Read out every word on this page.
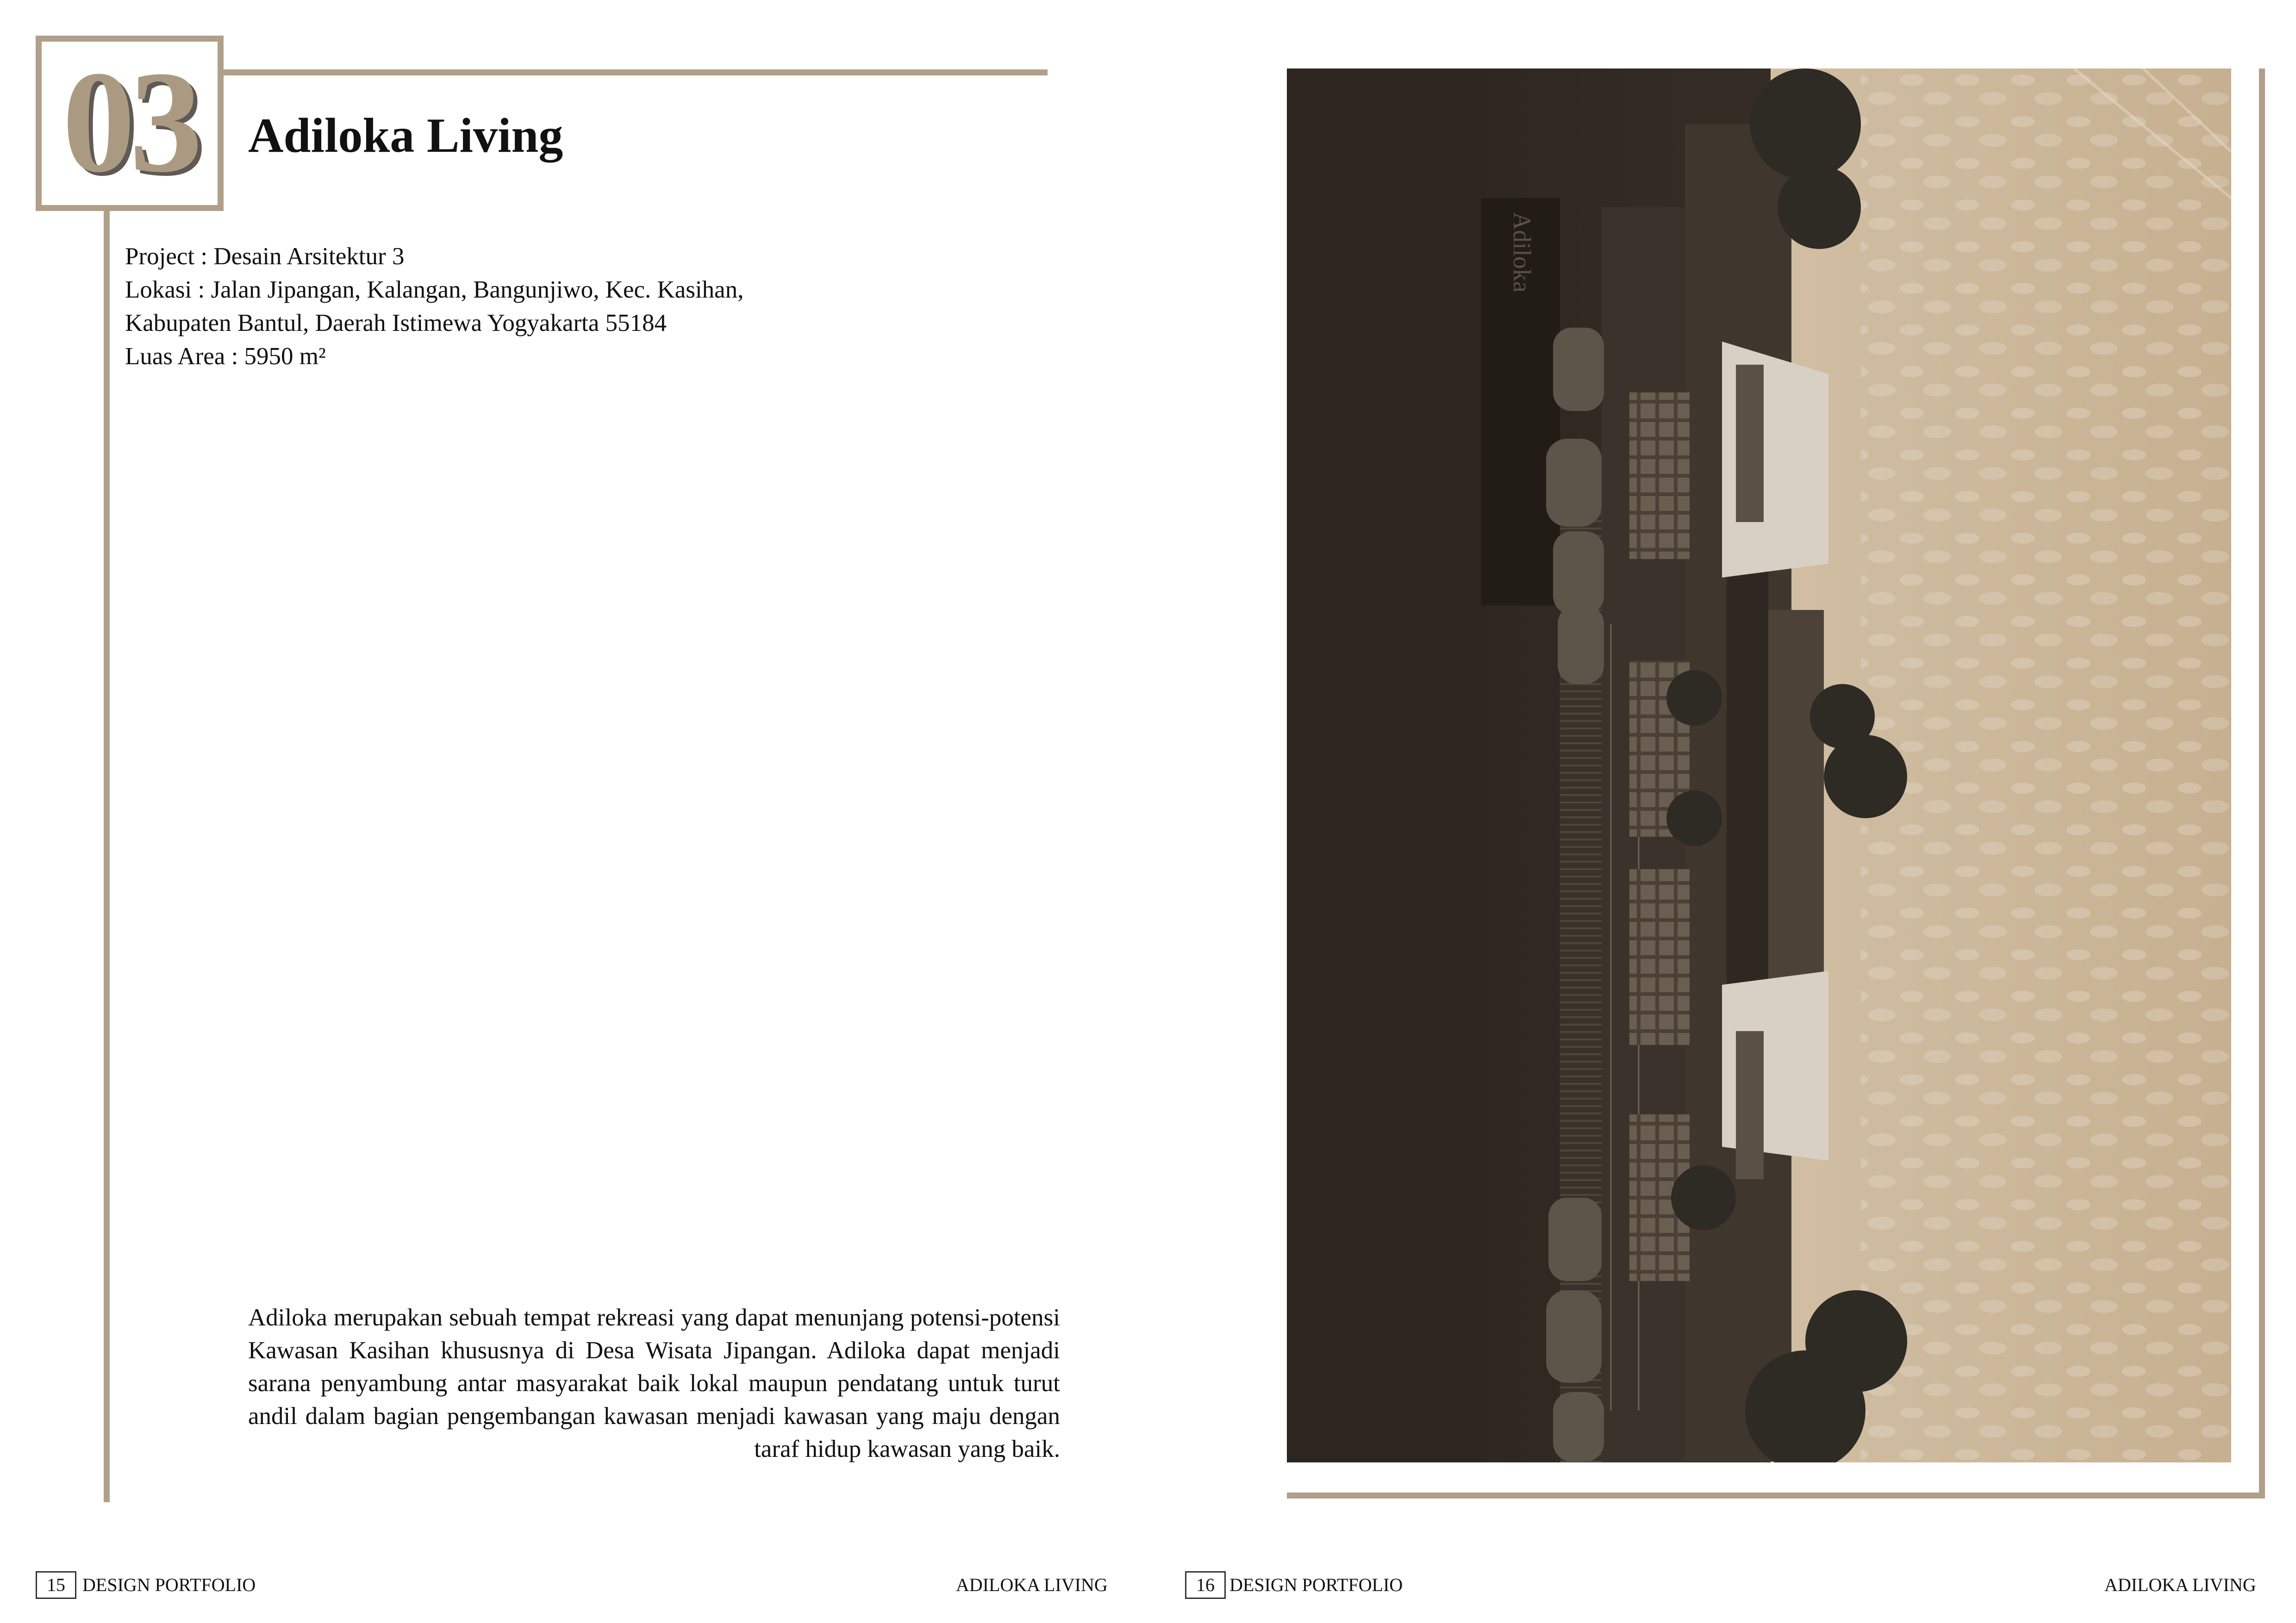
03 Adiloka Living
Project : Desain Arsitektur 3
Lokasi : Jalan Jipangan, Kalangan, Bangunjiwo, Kec. Kasihan,
Kabupaten Bantul, Daerah Istimewa Yogyakarta 55184
Luas Area : 5950 m²
Adiloka merupakan sebuah tempat rekreasi yang dapat menunjang potensi-potensi Kawasan Kasihan khususnya di Desa Wisata Jipangan. Adiloka dapat menjadi sarana penyambung antar masyarakat baik lokal maupun pendatang untuk turut andil dalam bagian pengembangan kawasan menjadi kawasan yang maju dengan taraf hidup kawasan yang baik.
15 DESIGN PORTFOLIO	ADILOKA LIVING	16 DESIGN PORTFOLIO	ADILOKA LIVING
Adiloka
